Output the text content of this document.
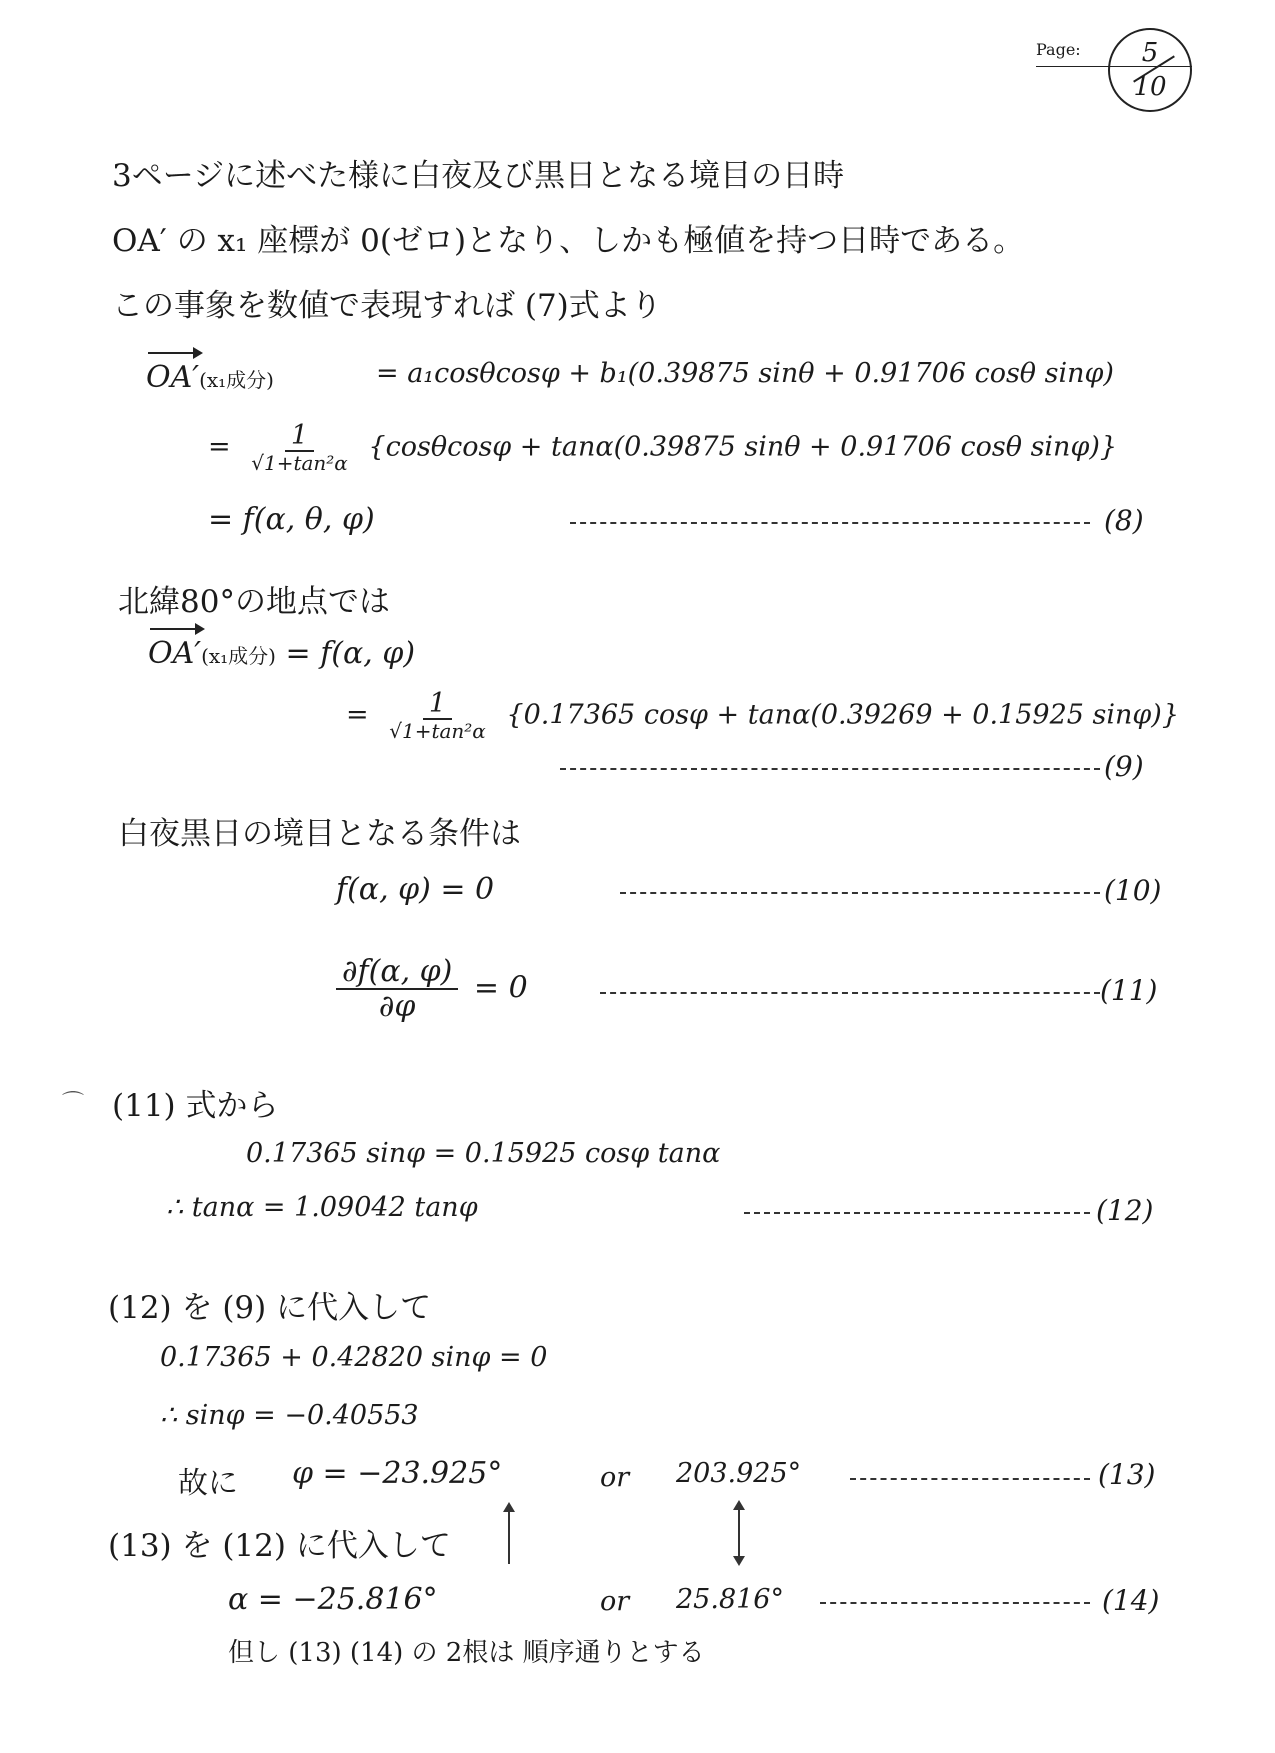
Page:	5
10
3ページに述べた様に白夜及び黒日となる境目の日時
OA′ の x₁ 座標が 0(ゼロ)となり、しかも極値を持つ日時である。
この事象を数値で表現すれば (7)式より
OA′(x₁成分)	= a₁cosθcosφ + b₁(0.39875 sinθ + 0.91706 cosθ sinφ)
= $\frac{1}{\text{√1+tan²α}} \{\cos\theta\cos\varphi + \tan\alpha(0.39875$ sinθ + 0.91706 cosθ sinφ)}
= f(α, θ, φ)	(8)
北緯80°の地点では
OA′(x₁成分) = f(α, φ)
= $\frac{1}{\text{√1+tan²α}} \{0.17365$ cosφ + tanα(0.39269 + 0.15925 sinφ)}
(9)
白夜黒日の境目となる条件は
f(α, φ) = 0	(10)
$\frac{\partial f(\alpha, \varphi)}{\partial\varphi} = 0$	(11)
⌒ (11) 式から
0.17365 sinφ = 0.15925 cosφ tanα
∴ tanα = 1.09042 tanφ	(12)
(12) を (9) に代入して
0.17365 + 0.42820 sinφ = 0
∴ sinφ = −0.40553
故に φ = −23.925°	or 203.925°	(13)
(13) を (12) に代入して
α = −25.816°	or 25.816°	(14)
但し (13) (14) の 2根は 順序通りとする
